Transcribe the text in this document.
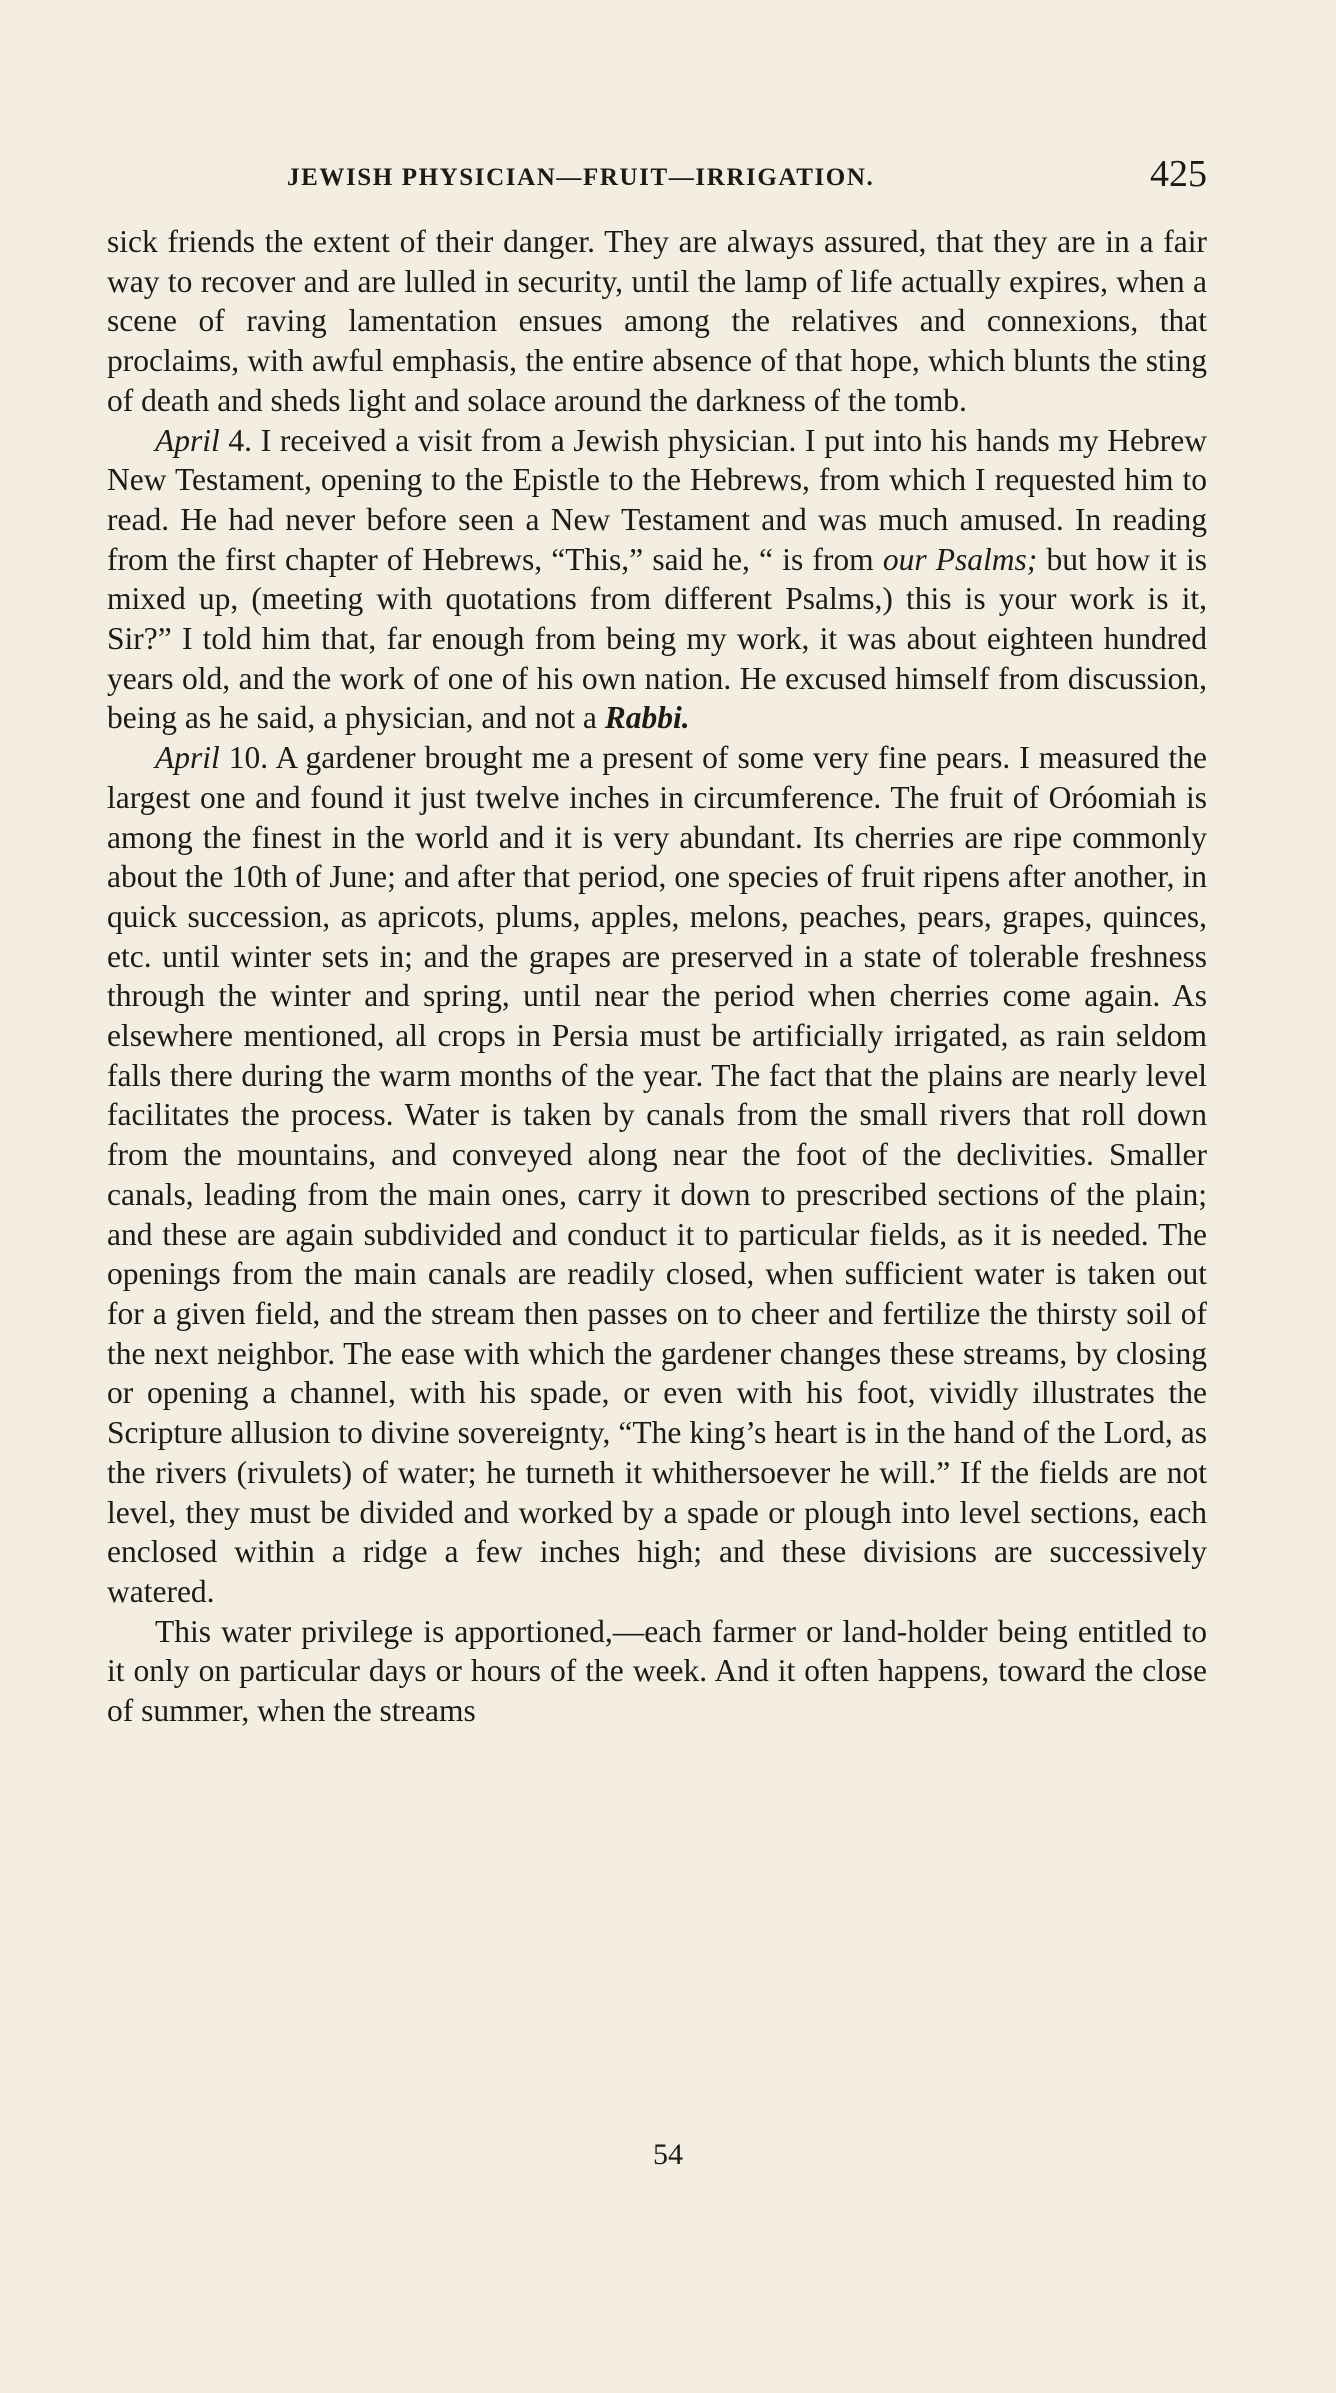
JEWISH PHYSICIAN—FRUIT—IRRIGATION.	425

sick friends the extent of their danger. They are always assured, that they are in a fair way to recover and are lulled in security, until the lamp of life actually expires, when a scene of raving lamentation ensues among the relatives and connexions, that proclaims, with awful emphasis, the entire absence of that hope, which blunts the sting of death and sheds light and solace around the darkness of the tomb.

April 4. I received a visit from a Jewish physician. I put into his hands my Hebrew New Testament, opening to the Epistle to the Hebrews, from which I requested him to read. He had never before seen a New Testament and was much amused. In reading from the first chapter of Hebrews, “This,” said he, “ is from our Psalms; but how it is mixed up, (meeting with quotations from different Psalms,) this is your work is it, Sir?” I told him that, far enough from being my work, it was about eighteen hundred years old, and the work of one of his own nation. He excused himself from discussion, being as he said, a physician, and not a Rabbi.

April 10. A gardener brought me a present of some very fine pears. I measured the largest one and found it just twelve inches in circumference. The fruit of Oróomiah is among the finest in the world and it is very abundant. Its cherries are ripe commonly about the 10th of June; and after that period, one species of fruit ripens after another, in quick succession, as apricots, plums, apples, melons, peaches, pears, grapes, quinces, etc. until winter sets in; and the grapes are preserved in a state of tolerable freshness through the winter and spring, until near the period when cherries come again. As elsewhere mentioned, all crops in Persia must be artificially irrigated, as rain seldom falls there during the warm months of the year. The fact that the plains are nearly level facilitates the process. Water is taken by canals from the small rivers that roll down from the mountains, and conveyed along near the foot of the declivities. Smaller canals, leading from the main ones, carry it down to prescribed sections of the plain; and these are again subdivided and conduct it to particular fields, as it is needed. The openings from the main canals are readily closed, when sufficient water is taken out for a given field, and the stream then passes on to cheer and fertilize the thirsty soil of the next neighbor. The ease with which the gardener changes these streams, by closing or opening a channel, with his spade, or even with his foot, vividly illustrates the Scripture allusion to divine sovereignty, “The king’s heart is in the hand of the Lord, as the rivers (rivulets) of water; he turneth it whithersoever he will.” If the fields are not level, they must be divided and worked by a spade or plough into level sections, each enclosed within a ridge a few inches high; and these divisions are successively watered.

This water privilege is apportioned,—each farmer or land-holder being entitled to it only on particular days or hours of the week. And it often happens, toward the close of summer, when the streams

54
